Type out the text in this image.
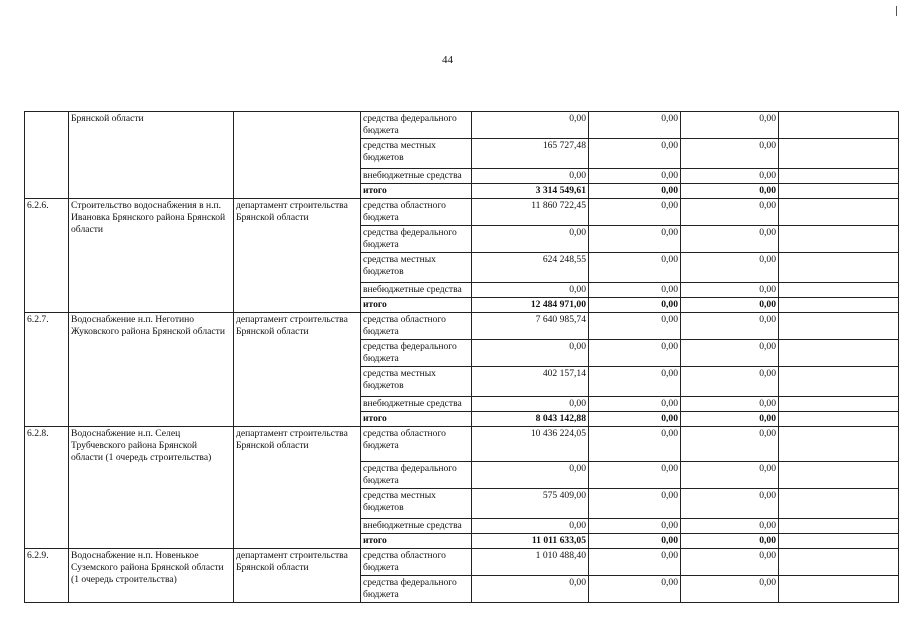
44
	Брянской области		средства федерального бюджета	0,00	0,00	0,00	
			средства местных бюджетов	165 727,48	0,00	0,00	
			внебюджетные средства	0,00	0,00	0,00	
			итого	3 314 549,61	0,00	0,00	
6.2.6.	Строительство водоснабжения в н.п. Ивановка Брянского района Брянской области	департамент строительства Брянской области	средства областного бюджета	11 860 722,45	0,00	0,00	
			средства федерального бюджета	0,00	0,00	0,00	
			средства местных бюджетов	624 248,55	0,00	0,00	
			внебюджетные средства	0,00	0,00	0,00	
			итого	12 484 971,00	0,00	0,00	
6.2.7.	Водоснабжение н.п. Неготино Жуковского района Брянской области	департамент строительства Брянской области	средства областного бюджета	7 640 985,74	0,00	0,00	
			средства федерального бюджета	0,00	0,00	0,00	
			средства местных бюджетов	402 157,14	0,00	0,00	
			внебюджетные средства	0,00	0,00	0,00	
			итого	8 043 142,88	0,00	0,00	
6.2.8.	Водоснабжение н.п. Селец Трубчевского района Брянской области (1 очередь строительства)	департамент строительства Брянской области	средства областного бюджета	10 436 224,05	0,00	0,00	
			средства федерального бюджета	0,00	0,00	0,00	
			средства местных бюджетов	575 409,00	0,00	0,00	
			внебюджетные средства	0,00	0,00	0,00	
			итого	11 011 633,05	0,00	0,00	
6.2.9.	Водоснабжение н.п. Новенькое Суземского района Брянской области (1 очередь строительства)	департамент строительства Брянской области	средства областного бюджета	1 010 488,40	0,00	0,00	
			средства федерального бюджета	0,00	0,00	0,00	
